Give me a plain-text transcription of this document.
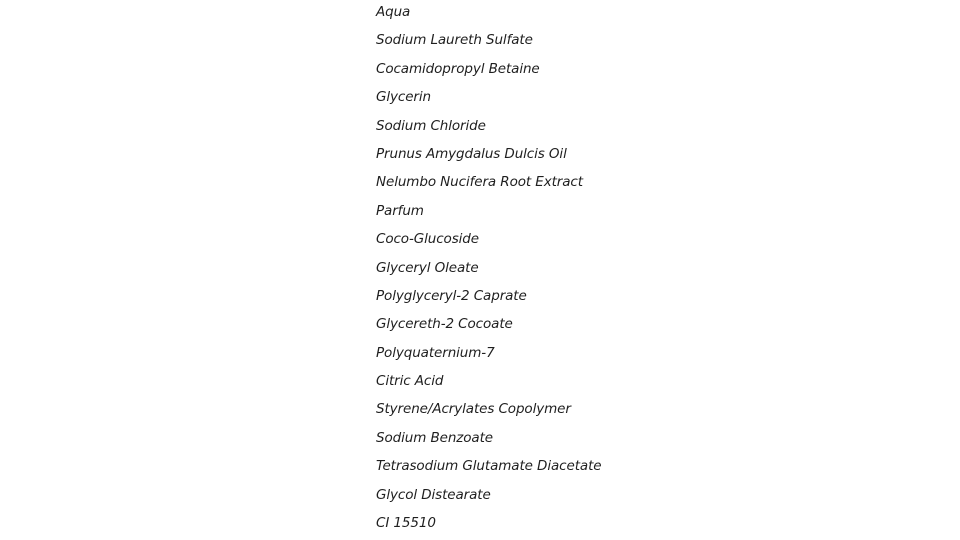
Aqua
Sodium Laureth Sulfate
Cocamidopropyl Betaine
Glycerin
Sodium Chloride
Prunus Amygdalus Dulcis Oil
Nelumbo Nucifera Root Extract
Parfum
Coco-Glucoside
Glyceryl Oleate
Polyglyceryl-2 Caprate
Glycereth-2 Cocoate
Polyquaternium-7
Citric Acid
Styrene/Acrylates Copolymer
Sodium Benzoate
Tetrasodium Glutamate Diacetate
Glycol Distearate
CI 15510
